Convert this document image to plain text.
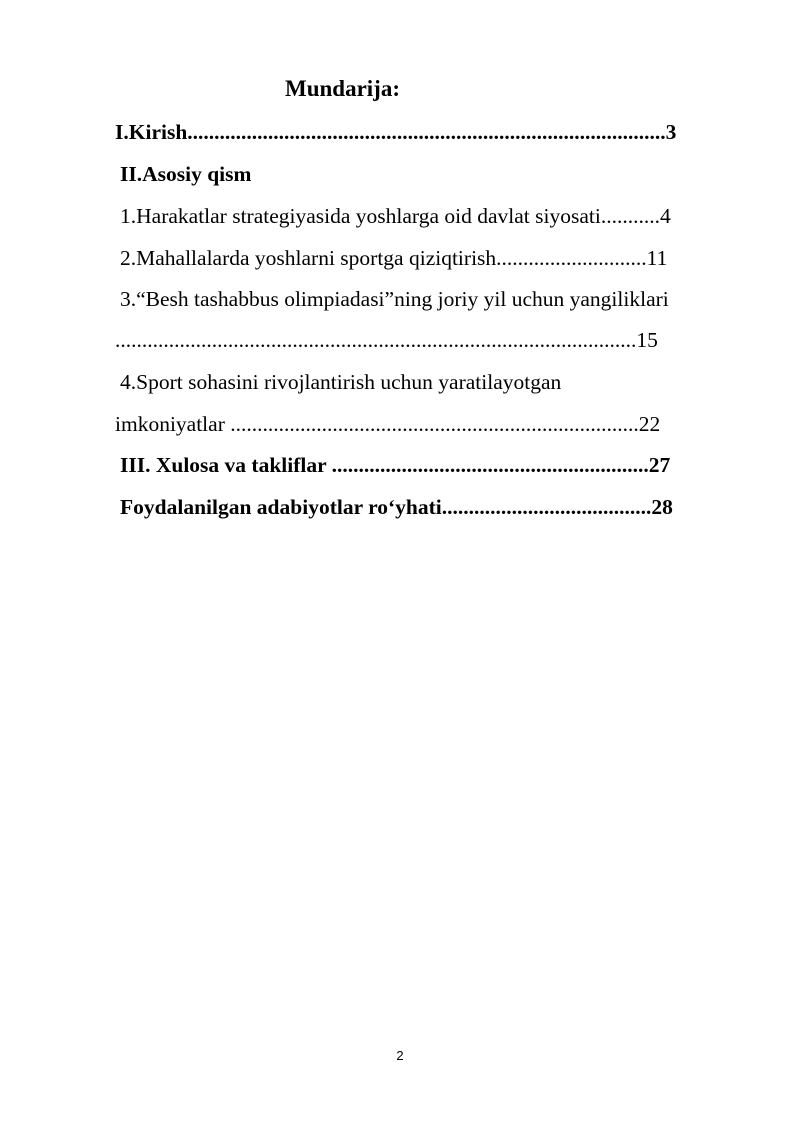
Mundarija:
I.Kirish.........................................................................................3
II.Asosiy qism
1.Harakatlar strategiyasida yoshlarga oid davlat siyosati...........4
2.Mahallalarda yoshlarni sportga qiziqtirish............................11
3.“Besh tashabbus olimpiadasi”ning joriy yil uchun yangiliklari
.................................................................................................15
4.Sport sohasini rivojlantirish uchun yaratilayotgan
imkoniyatlar ............................................................................22
III. Xulosa va takliflar ...........................................................27
Foydalanilgan adabiyotlar ro‘yhati.......................................28
2
